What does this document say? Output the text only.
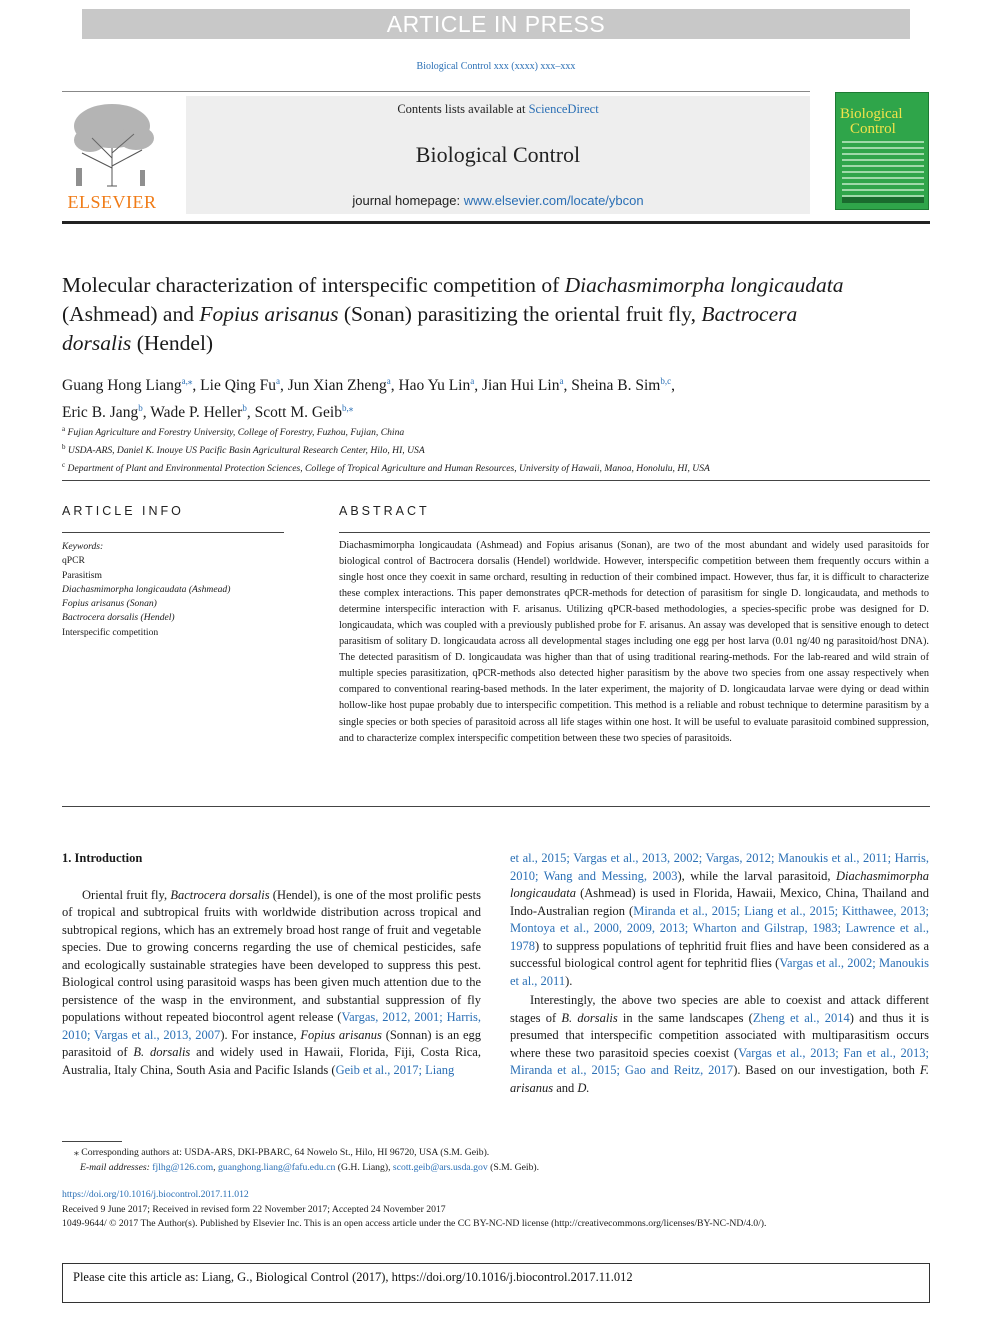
ARTICLE IN PRESS
Biological Control xxx (xxxx) xxx–xxx
ELSEVIER
Contents lists available at ScienceDirect
Biological Control
journal homepage: www.elsevier.com/locate/ybcon
Biological
Control
Molecular characterization of interspecific competition of Diachasmimorpha longicaudata (Ashmead) and Fopius arisanus (Sonan) parasitizing the oriental fruit fly, Bactrocera dorsalis (Hendel)
Guang Hong Liang$^{a,⁎}$, Lie Qing Fu$^a$, Jun Xian Zheng$^a$, Hao Yu Lin$^a$, Jian Hui Lin$^a$, Sheina B. Sim$^{b,c}$,
Eric B. Jang$^b$, Wade P. Heller$^b$, Scott M. Geib$^{b,⁎}$
$^a$ Fujian Agriculture and Forestry University, College of Forestry, Fuzhou, Fujian, China
$^b$ USDA-ARS, Daniel K. Inouye US Pacific Basin Agricultural Research Center, Hilo, HI, USA
$^c$ Department of Plant and Environmental Protection Sciences, College of Tropical Agriculture and Human Resources, University of Hawaii, Manoa, Honolulu, HI, USA
ARTICLE INFO
Keywords:
qPCR
Parasitism
Diachasmimorpha longicaudata (Ashmead)
Fopius arisanus (Sonan)
Bactrocera dorsalis (Hendel)
Interspecific competition
ABSTRACT
Diachasmimorpha longicaudata (Ashmead) and Fopius arisanus (Sonan), are two of the most abundant and widely used parasitoids for biological control of Bactrocera dorsalis (Hendel) worldwide. However, interspecific competition between them frequently occurs within a single host once they coexit in same orchard, resulting in reduction of their combined impact. However, thus far, it is difficult to characterize these complex interactions. This paper demonstrates qPCR-methods for detection of parasitism for single D. longicaudata, and methods to determine interspecific interaction with F. arisanus. Utilizing qPCR-based methodologies, a species-specific probe was designed for D. longicaudata, which was coupled with a previously published probe for F. arisanus. An assay was developed that is sensitive enough to detect parasitism of solitary D. longicaudata across all developmental stages including one egg per host larva (0.01 ng/40 ng parasitoid/host DNA). The detected parasitism of D. longicaudata was higher than that of using traditional rearing-methods. For the lab-reared and wild strain of multiple species parasitization, qPCR-methods also detected higher parasitism by the above two species from one assay respectively when compared to conventional rearing-based methods. In the later experiment, the majority of D. longicaudata larvae were dying or dead within hollow-like host pupae probably due to interspecific competition. This method is a reliable and robust technique to determine parasitism by a single species or both species of parasitoid across all life stages within one host. It will be useful to evaluate parasitoid combined suppression, and to characterize complex interspecific competition between these two species of parasitoids.
1. Introduction
Oriental fruit fly, Bactrocera dorsalis (Hendel), is one of the most prolific pests of tropical and subtropical fruits with worldwide distribution across tropical and subtropical regions, which has an extremely broad host range of fruit and vegetable species. Due to growing concerns regarding the use of chemical pesticides, safe and ecologically sustainable strategies have been developed to suppress this pest. Biological control using parasitoid wasps has been given much attention due to the persistence of the wasp in the environment, and substantial suppression of fly populations without repeated biocontrol agent release (Vargas, 2012, 2001; Harris, 2010; Vargas et al., 2013, 2007). For instance, Fopius arisanus (Sonnan) is an egg parasitoid of B. dorsalis and widely used in Hawaii, Florida, Fiji, Costa Rica, Australia, Italy China, South Asia and Pacific Islands (Geib et al., 2017; Liang
et al., 2015; Vargas et al., 2013, 2002; Vargas, 2012; Manoukis et al., 2011; Harris, 2010; Wang and Messing, 2003), while the larval parasitoid, Diachasmimorpha longicaudata (Ashmead) is used in Florida, Hawaii, Mexico, China, Thailand and Indo-Australian region (Miranda et al., 2015; Liang et al., 2015; Kitthawee, 2013; Montoya et al., 2000, 2009, 2013; Wharton and Gilstrap, 1983; Lawrence et al., 1978) to suppress populations of tephritid fruit flies and have been considered as a successful biological control agent for tephritid flies (Vargas et al., 2002; Manoukis et al., 2011).
Interestingly, the above two species are able to coexist and attack different stages of B. dorsalis in the same landscapes (Zheng et al., 2014) and thus it is presumed that interspecific competition associated with multiparasitism occurs where these two parasitoid species coexist (Vargas et al., 2013; Fan et al., 2013; Miranda et al., 2015; Gao and Reitz, 2017). Based on our investigation, both F. arisanus and D.
⁎ Corresponding authors at: USDA-ARS, DKI-PBARC, 64 Nowelo St., Hilo, HI 96720, USA (S.M. Geib).
E-mail addresses: fjlhg@126.com, guanghong.liang@fafu.edu.cn (G.H. Liang), scott.geib@ars.usda.gov (S.M. Geib).
https://doi.org/10.1016/j.biocontrol.2017.11.012
Received 9 June 2017; Received in revised form 22 November 2017; Accepted 24 November 2017
1049-9644/ © 2017 The Author(s). Published by Elsevier Inc. This is an open access article under the CC BY-NC-ND license (http://creativecommons.org/licenses/BY-NC-ND/4.0/).
Please cite this article as: Liang, G., Biological Control (2017), https://doi.org/10.1016/j.biocontrol.2017.11.012
